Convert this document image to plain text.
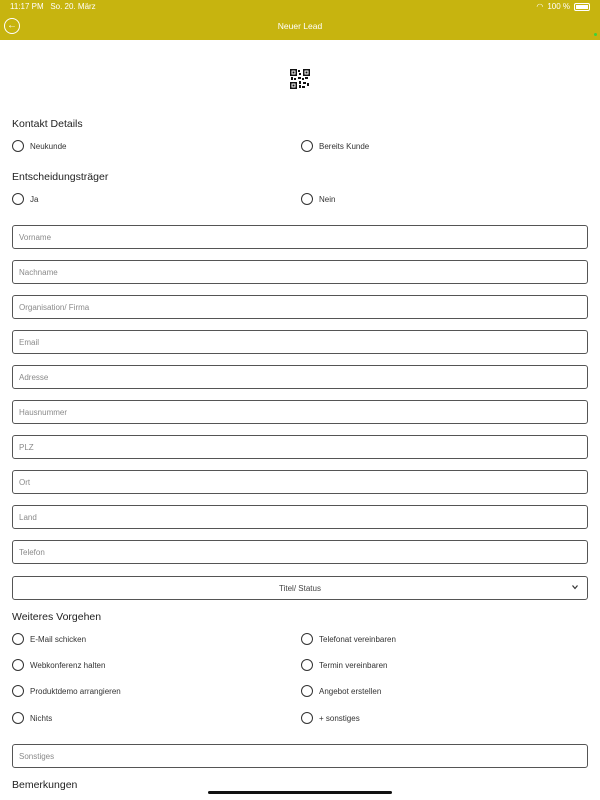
11:17 PM So. 20. März	◠ 100 %
←	Neuer Lead
Kontakt Details
Neukunde	Bereits Kunde
Entscheidungsträger
Ja	Nein
Vorname
Nachname
Organisation/ Firma
Email
Adresse
Hausnummer
PLZ
Ort
Land
Telefon
Titel/ Status
Weiteres Vorgehen
E-Mail schicken	Telefonat vereinbaren
Webkonferenz halten	Termin vereinbaren
Produktdemo arrangieren	Angebot erstellen
Nichts	+ sonstiges
Sonstiges
Bemerkungen
